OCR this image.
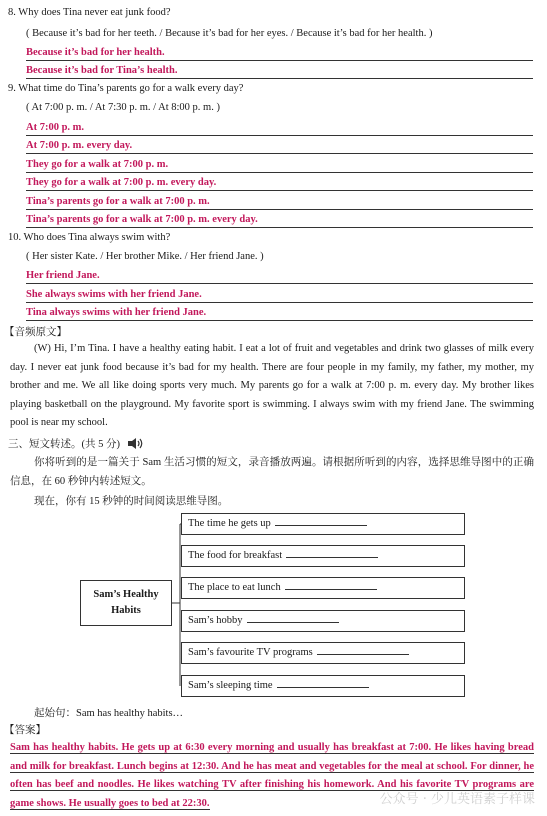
8. Why does Tina never eat junk food?
( Because it’s bad for her teeth. / Because it’s bad for her eyes. / Because it’s bad for her health. )
Because it’s bad for her health.
Because it’s bad for Tina’s health.
9. What time do Tina’s parents go for a walk every day?
( At 7:00 p. m. / At 7:30 p. m. / At 8:00 p. m. )
At 7:00 p. m.
At 7:00 p. m. every day.
They go for a walk at 7:00 p. m.
They go for a walk at 7:00 p. m. every day.
Tina’s parents go for a walk at 7:00 p. m.
Tina’s parents go for a walk at 7:00 p. m. every day.
10. Who does Tina always swim with?
( Her sister Kate. / Her brother Mike. / Her friend Jane. )
Her friend Jane.
She always swims with her friend Jane.
Tina always swims with her friend Jane.
【音频原文】
(W) Hi, I’m Tina. I have a healthy eating habit. I eat a lot of fruit and vegetables and drink two glasses of milk every day. I never eat junk food because it’s bad for my health. There are four people in my family, my father, my mother, my brother and me. We all like doing sports very much. My parents go for a walk at 7:00 p. m. every day. My brother likes playing basketball on the playground. My favorite sport is swimming. I always swim with my friend Jane. The swimming pool is near my school.
三、短文转述。(共 5 分)
你将听到的是一篇关于 Sam 生活习惯的短文，录音播放两遍。请根据所听到的内容，选择思维导图中的正确信息，在 60 秒钟内转述短文。
现在，你有 15 秒钟的时间阅读思维导图。
Sam’s Healthy Habits
The time he gets up
The food for breakfast
The place to eat lunch
Sam’s hobby
Sam’s favourite TV programs
Sam’s sleeping time
起始句：Sam has healthy habits…
【答案】
Sam has healthy habits. He gets up at 6:30 every morning and usually has breakfast at 7:00. He likes having bread and milk for breakfast. Lunch begins at 12:30. And he has meat and vegetables for the meal at school. For dinner, he often has beef and noodles. He likes watching TV after finishing his homework. And his favorite TV programs are game shows. He usually goes to bed at 22:30.	公众号 · 少儿英语素子样课
